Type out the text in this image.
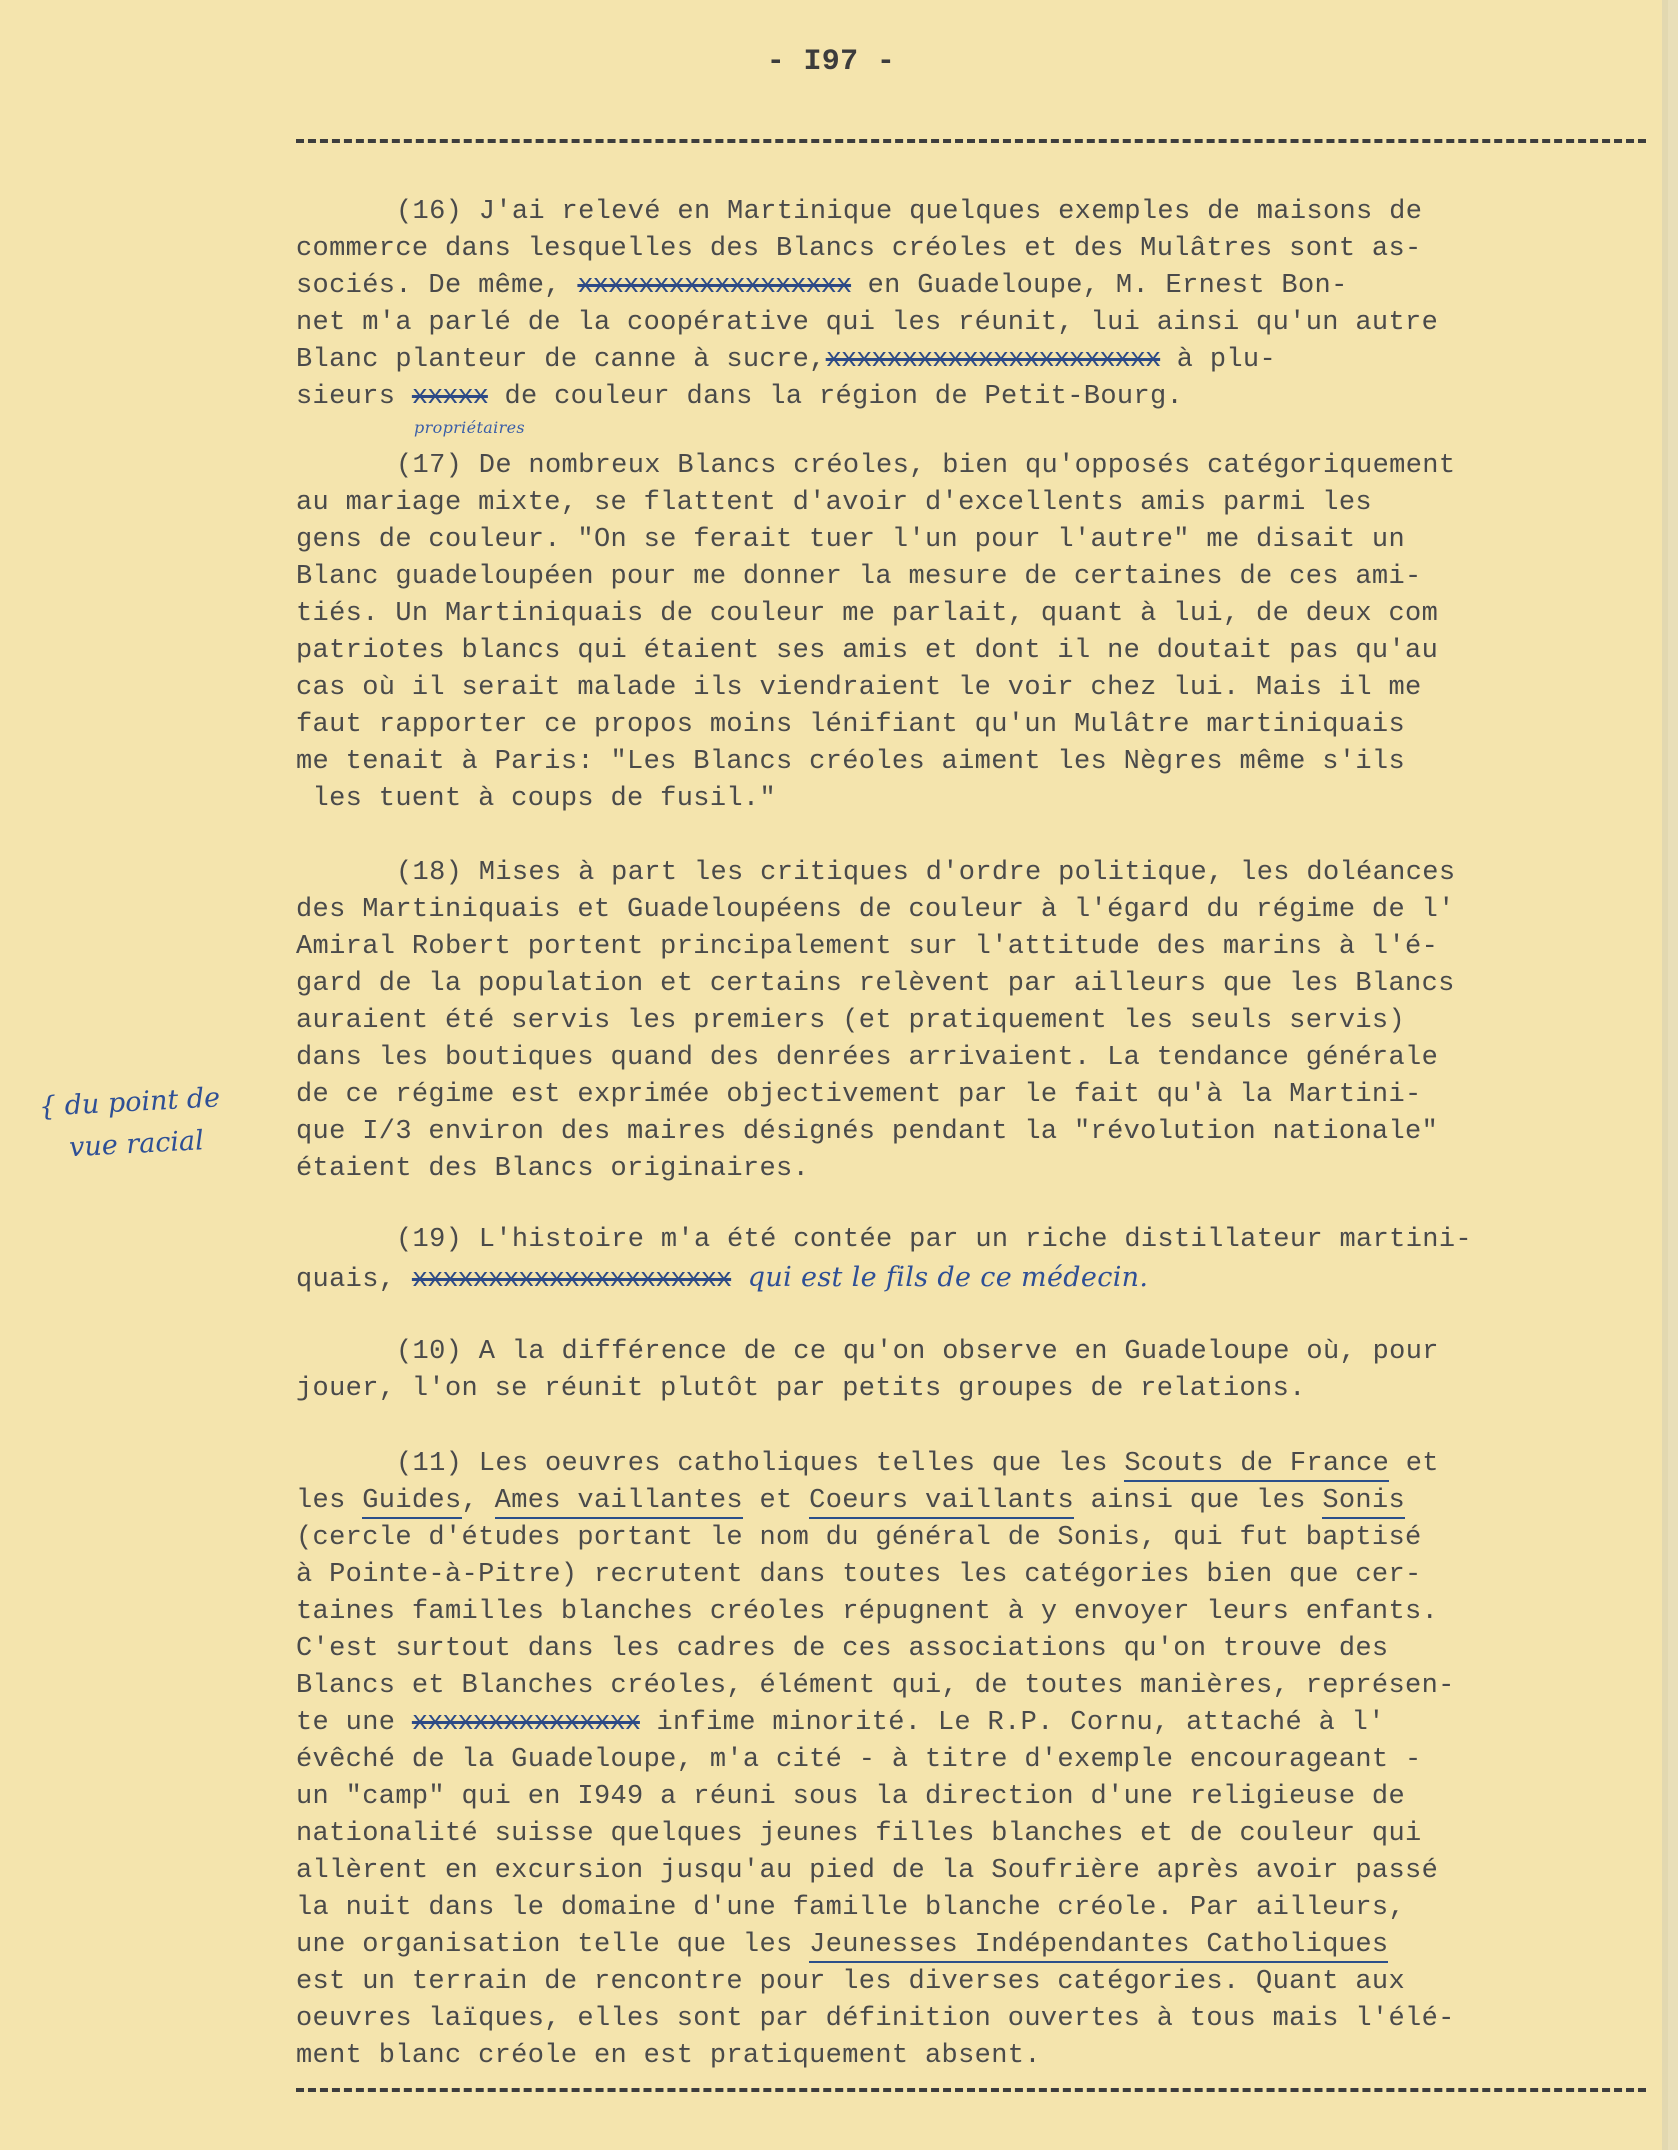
- I97 -
(16) J'ai relevé en Martinique quelques exemples de maisons de
commerce dans lesquelles des Blancs créoles et des Mulâtres sont as-
sociés. De même, xxxxxxxxxxxxxxxxxx en Guadeloupe, M. Ernest Bon-
net m'a parlé de la coopérative qui les réunit, lui ainsi qu'un autre
Blanc planteur de canne à sucre,xxxxxxxxxxxxxxxxxxxxxx à plu-
sieurs xxxxx de couleur dans la région de Petit-Bourg.
propriétaires
(17) De nombreux Blancs créoles, bien qu'opposés catégoriquement
au mariage mixte, se flattent d'avoir d'excellents amis parmi les
gens de couleur. "On se ferait tuer l'un pour l'autre" me disait un
Blanc guadeloupéen pour me donner la mesure de certaines de ces ami-
tiés. Un Martiniquais de couleur me parlait, quant à lui, de deux com
patriotes blancs qui étaient ses amis et dont il ne doutait pas qu'au
cas où il serait malade ils viendraient le voir chez lui. Mais il me
faut rapporter ce propos moins lénifiant qu'un Mulâtre martiniquais
me tenait à Paris: "Les Blancs créoles aiment les Nègres même s'ils
les tuent à coups de fusil."
(18) Mises à part les critiques d'ordre politique, les doléances
des Martiniquais et Guadeloupéens de couleur à l'égard du régime de l'
Amiral Robert portent principalement sur l'attitude des marins à l'é-
gard de la population et certains relèvent par ailleurs que les Blancs
auraient été servis les premiers (et pratiquement les seuls servis)
dans les boutiques quand des denrées arrivaient. La tendance générale
de ce régime est exprimée objectivement par le fait qu'à la Martini-
que I/3 environ des maires désignés pendant la "révolution nationale"
étaient des Blancs originaires.
{ du point de
vue racial
(19) L'histoire m'a été contée par un riche distillateur martini-
quais, xxxxxxxxxxxxxxxxxxxxx qui est le fils de ce médecin.
(10) A la différence de ce qu'on observe en Guadeloupe où, pour
jouer, l'on se réunit plutôt par petits groupes de relations.
(11) Les oeuvres catholiques telles que les Scouts de France et
les Guides, Ames vaillantes et Coeurs vaillants ainsi que les Sonis
(cercle d'études portant le nom du général de Sonis, qui fut baptisé
à Pointe-à-Pitre) recrutent dans toutes les catégories bien que cer-
taines familles blanches créoles répugnent à y envoyer leurs enfants.
C'est surtout dans les cadres de ces associations qu'on trouve des
Blancs et Blanches créoles, élément qui, de toutes manières, représen-
te une xxxxxxxxxxxxxxx infime minorité. Le R.P. Cornu, attaché à l'
évêché de la Guadeloupe, m'a cité - à titre d'exemple encourageant -
un "camp" qui en I949 a réuni sous la direction d'une religieuse de
nationalité suisse quelques jeunes filles blanches et de couleur qui
allèrent en excursion jusqu'au pied de la Soufrière après avoir passé
la nuit dans le domaine d'une famille blanche créole. Par ailleurs,
une organisation telle que les Jeunesses Indépendantes Catholiques
est un terrain de rencontre pour les diverses catégories. Quant aux
oeuvres laïques, elles sont par définition ouvertes à tous mais l'élé-
ment blanc créole en est pratiquement absent.
